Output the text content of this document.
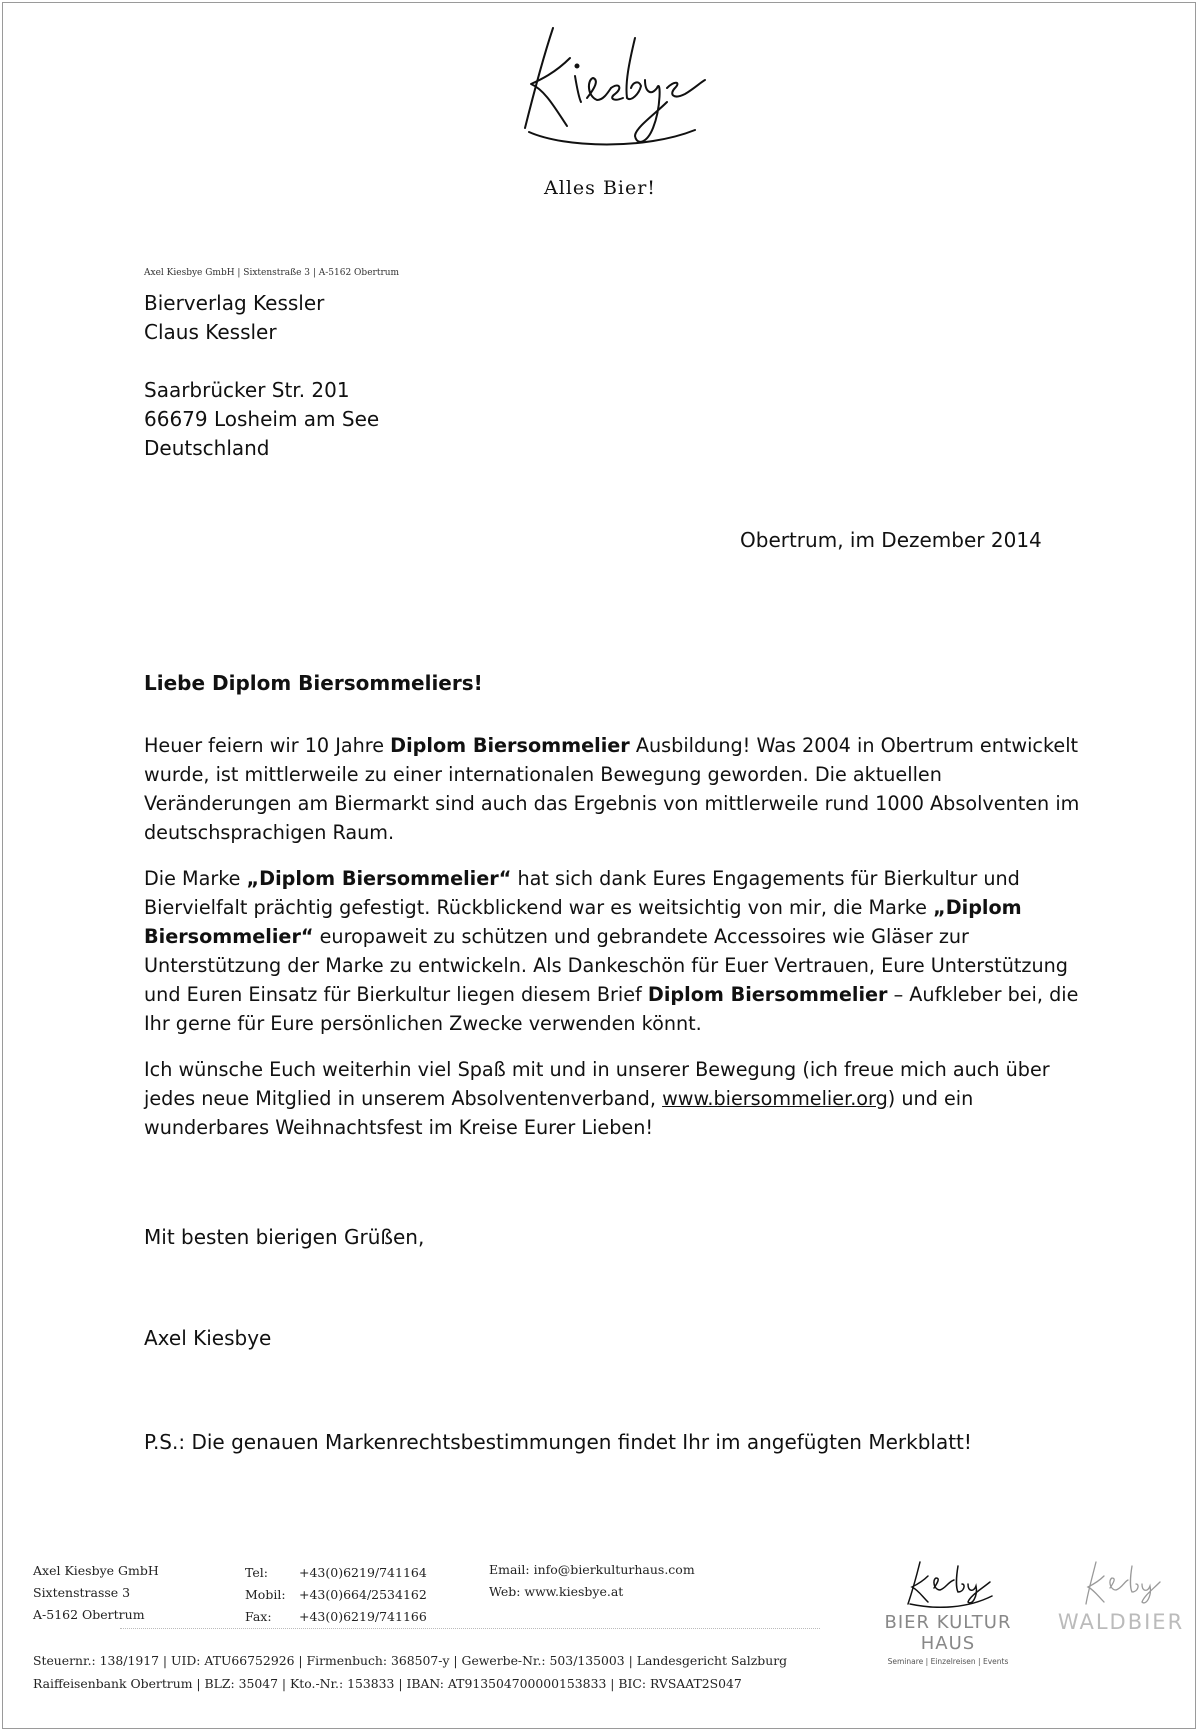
Alles Bier!
Axel Kiesbye GmbH | Sixtenstraße 3 | A-5162 Obertrum
Bierverlag Kessler
Claus Kessler
Saarbrücker Str. 201
66679 Losheim am See
Deutschland
Obertrum, im Dezember 2014
Liebe Diplom Biersommeliers!

Heuer feiern wir 10 Jahre Diplom Biersommelier Ausbildung! Was 2004 in Obertrum entwickelt wurde, ist mittlerweile zu einer internationalen Bewegung geworden. Die aktuellen Veränderungen am Biermarkt sind auch das Ergebnis von mittlerweile rund 1000 Absolventen im deutschsprachigen Raum.

Die Marke „Diplom Biersommelier“ hat sich dank Eures Engagements für Bierkultur und Biervielfalt prächtig gefestigt. Rückblickend war es weitsichtig von mir, die Marke „Diplom Biersommelier“ europaweit zu schützen und gebrandete Accessoires wie Gläser zur Unterstützung der Marke zu entwickeln. Als Dankeschön für Euer Vertrauen, Eure Unterstützung und Euren Einsatz für Bierkultur liegen diesem Brief Diplom Biersommelier – Aufkleber bei, die Ihr gerne für Eure persönlichen Zwecke verwenden könnt.

Ich wünsche Euch weiterhin viel Spaß mit und in unserer Bewegung (ich freue mich auch über jedes neue Mitglied in unserem Absolventenverband, www.biersommelier.org) und ein wunderbares Weihnachtsfest im Kreise Eurer Lieben!

Mit besten bierigen Grüßen,
Axel Kiesbye
P.S.: Die genauen Markenrechtsbestimmungen findet Ihr im angefügten Merkblatt!
Axel Kiesbye GmbH
Sixtenstrasse 3
A-5162 Obertrum
Tel: +43(0)6219/741164
Mobil: +43(0)664/2534162
Fax: +43(0)6219/741166
Email: info@bierkulturhaus.com
Web: www.kiesbye.at
Steuernr.: 138/1917 | UID: ATU66752926 | Firmenbuch: 368507-y | Gewerbe-Nr.: 503/135003 | Landesgericht Salzburg
Raiffeisenbank Obertrum | BLZ: 35047 | Kto.-Nr.: 153833 | IBAN: AT913504700000153833 | BIC: RVSAAT2S047
BIER KULTUR HAUS
Seminare | Einzelreisen | Events
WALDBIER
